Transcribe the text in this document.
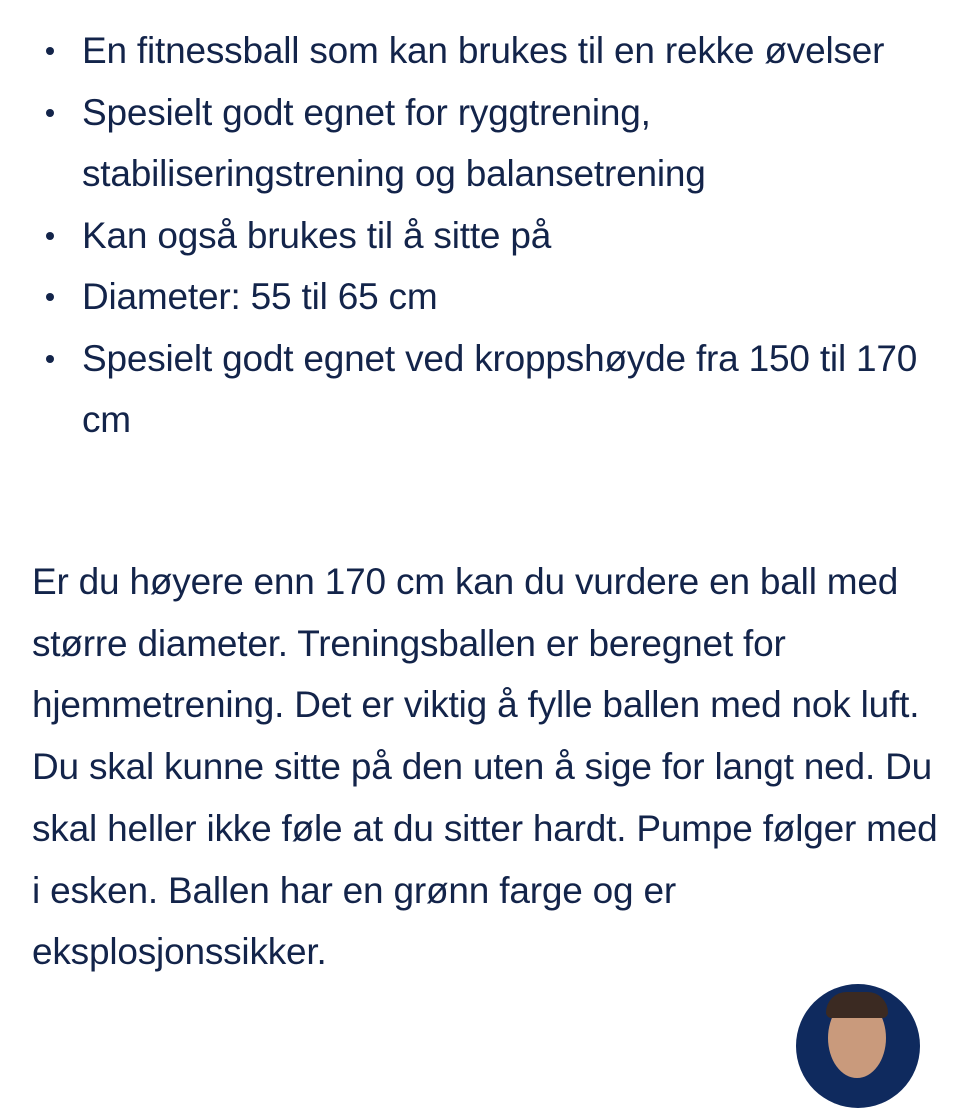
En fitnessball som kan brukes til en rekke øvelser
Spesielt godt egnet for ryggtrening, stabiliseringstrening og balansetrening
Kan også brukes til å sitte på
Diameter: 55 til 65 cm
Spesielt godt egnet ved kroppshøyde fra 150 til 170 cm

Er du høyere enn 170 cm kan du vurdere en ball med større diameter. Treningsballen er beregnet for hjemmetrening. Det er viktig å fylle ballen med nok luft. Du skal kunne sitte på den uten å sige for langt ned. Du skal heller ikke føle at du sitter hardt. Pumpe følger med i esken. Ballen har en grønn farge og er eksplosjonssikker.
